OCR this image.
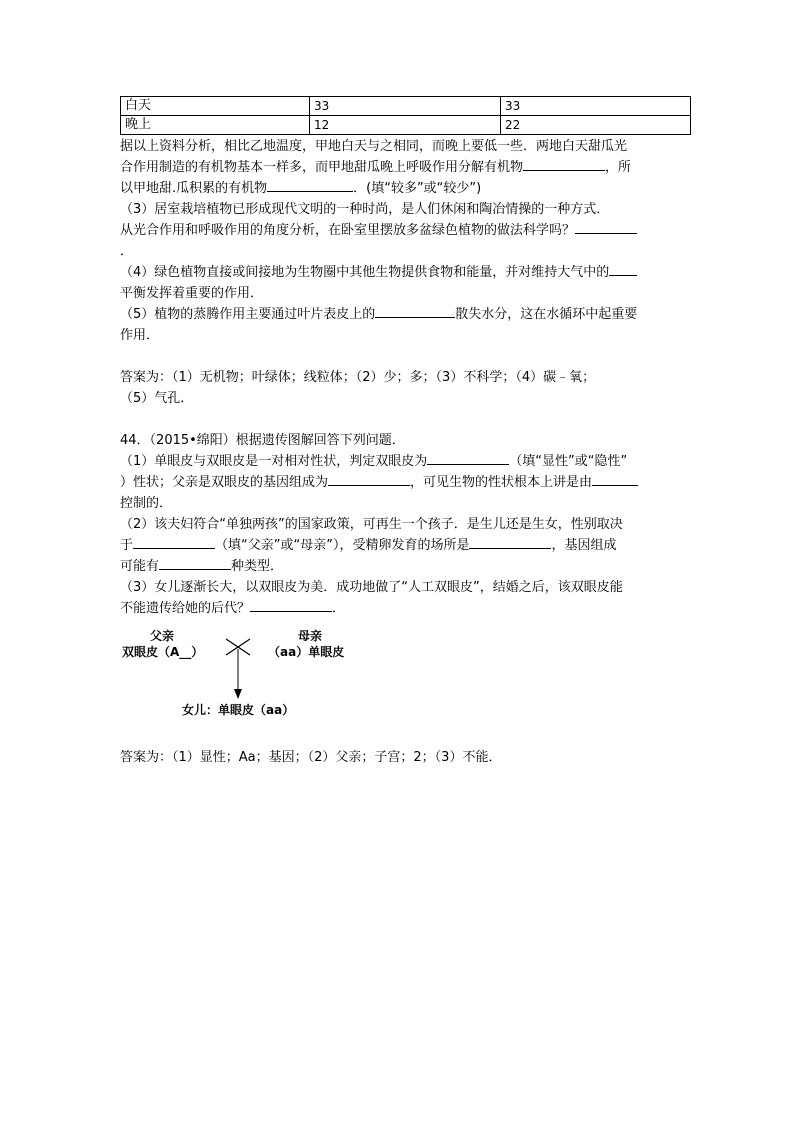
白天	33	33
晚上	12	22

据以上资料分析，相比乙地温度，甲地白天与之相同，而晚上要低一些．两地白天甜瓜光

合作用制造的有机物基本一样多，而甲地甜瓜晚上呼吸作用分解有机物	，所

以甲地甜.瓜积累的有机物	．(填“较多”或“较少”)

（3）居室栽培植物已形成现代文明的一种时尚，是人们休闲和陶冶情操的一种方式．

从光合作用和呼吸作用的角度分析，在卧室里摆放多盆绿色植物的做法科学吗？

．

（4）绿色植物直接或间接地为生物圈中其他生物提供食物和能量，并对维持大气中的

平衡发挥着重要的作用．

（5）植物的蒸腾作用主要通过叶片表皮上的	散失水分，这在水循环中起重要

作用．

答案为：（1）无机物；叶绿体；线粒体；（2）少；多；（3）不科学；（4）碳﹣氧；

（5）气孔．

44．（2015•绵阳）根据遗传图解回答下列问题．

（1）单眼皮与双眼皮是一对相对性状，判定双眼皮为	（填“显性”或“隐性”

）性状；父亲是双眼皮的基因组成为	，可见生物的性状根本上讲是由

控制的．

（2）该夫妇符合“单独两孩”的国家政策，可再生一个孩子．是生儿还是生女，性别取决

于	（填“父亲”或“母亲”），受精卵发育的场所是	，基因组成

可能有	种类型．

（3）女儿逐渐长大，以双眼皮为美．成功地做了“人工双眼皮”，结婚之后，该双眼皮能

不能遗传给她的后代？	．

父亲
双眼皮（A__）
母亲
（aa）单眼皮
女儿：单眼皮（aa）

答案为：（1）显性；Aa；基因；（2）父亲；子宫；2；（3）不能．
